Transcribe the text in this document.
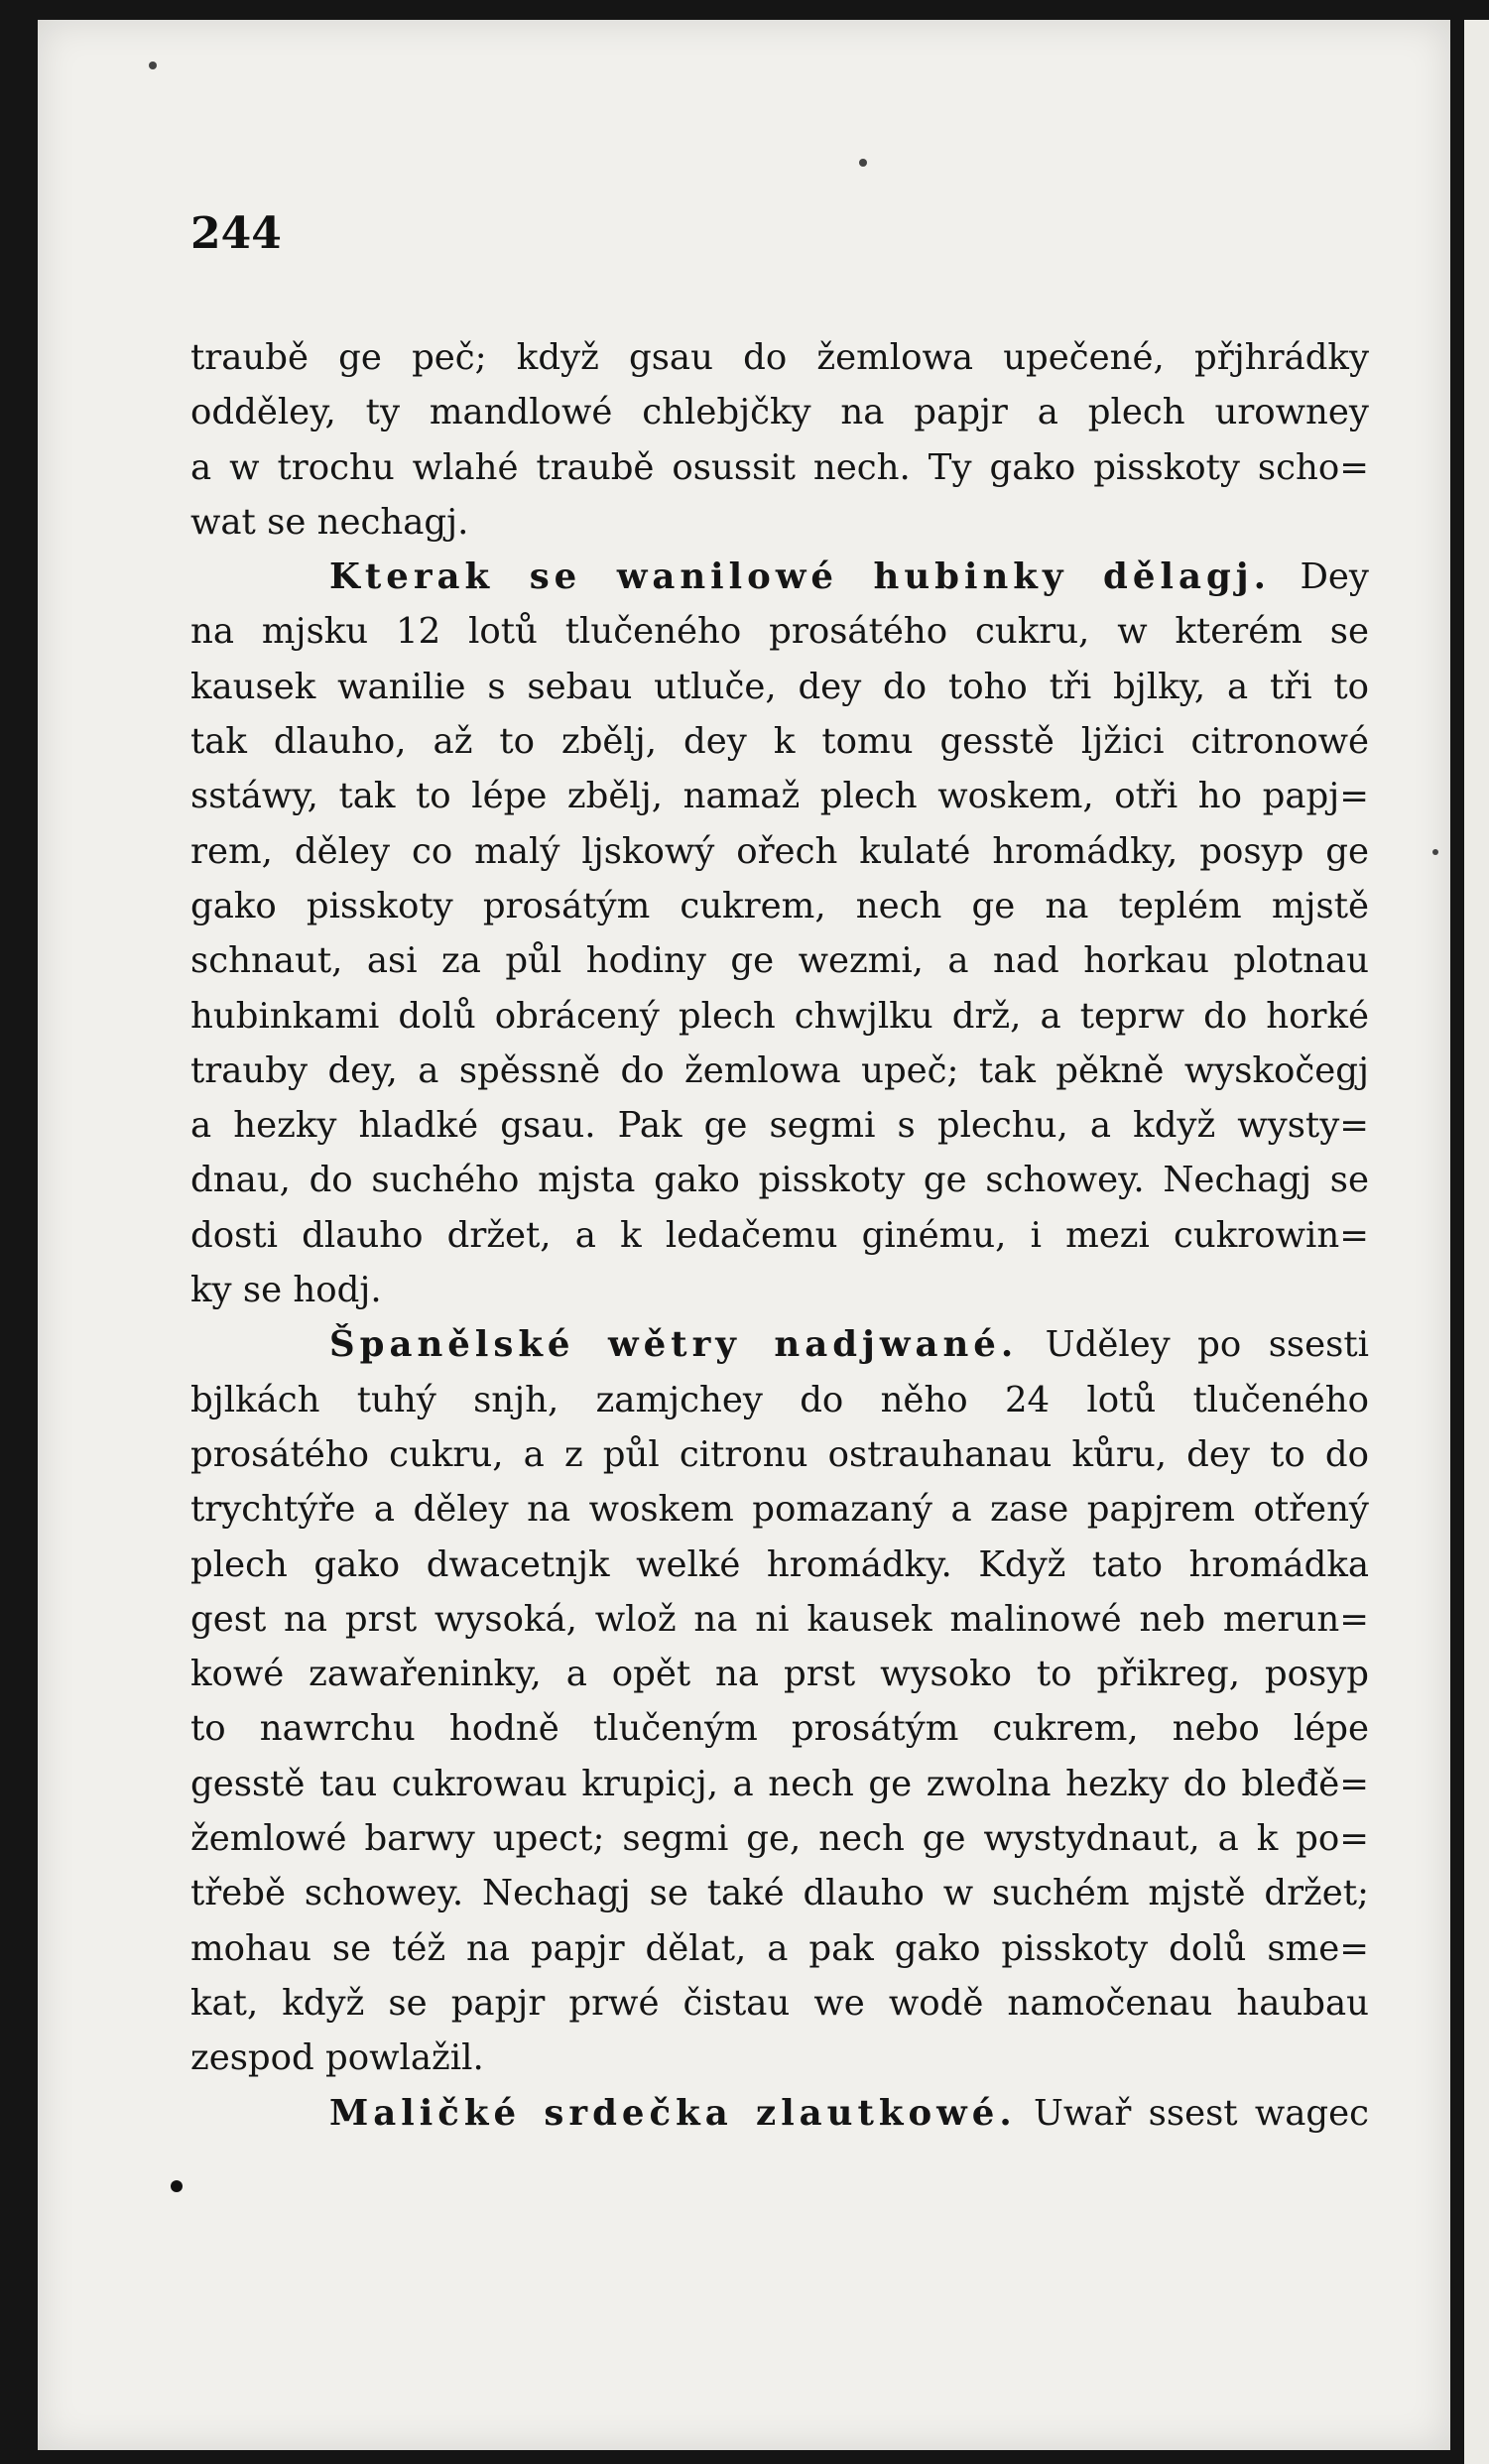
244
traubě ge peč; když gsau do žemlowa upečené, přjhrádky
odděley, ty mandlowé chlebjčky na papjr a plech urowney
a w trochu wlahé traubě osussit nech. Ty gako pisskoty scho=
wat se nechagj.
Kterak se wanilowé hubinky dělagj. Dey
na mjsku 12 lotů tlučeného prosátého cukru, w kterém se
kausek wanilie s sebau utluče, dey do toho tři bjlky, a tři to
tak dlauho, až to zbělj, dey k tomu gesstě ljžici citronowé
sstáwy, tak to lépe zbělj, namaž plech woskem, otři ho papj=
rem, děley co malý ljskowý ořech kulaté hromádky, posyp ge
gako pisskoty prosátým cukrem, nech ge na teplém mjstě
schnaut, asi za půl hodiny ge wezmi, a nad horkau plotnau
hubinkami dolů obrácený plech chwjlku drž, a teprw do horké
trauby dey, a spěssně do žemlowa upeč; tak pěkně wyskočegj
a hezky hladké gsau. Pak ge segmi s plechu, a když wysty=
dnau, do suchého mjsta gako pisskoty ge schowey. Nechagj se
dosti dlauho držet, a k ledačemu ginému, i mezi cukrowin=
ky se hodj.
Španělské wětry nadjwané. Uděley po ssesti
bjlkách tuhý snjh, zamjchey do něho 24 lotů tlučeného
prosátého cukru, a z půl citronu ostrauhanau kůru, dey to do
trychtýře a děley na woskem pomazaný a zase papjrem otřený
plech gako dwacetnjk welké hromádky. Když tato hromádka
gest na prst wysoká, wlož na ni kausek malinowé neb merun=
kowé zawařeninky, a opět na prst wysoko to přikreg, posyp
to nawrchu hodně tlučeným prosátým cukrem, nebo lépe
gesstě tau cukrowau krupicj, a nech ge zwolna hezky do bleđě=
žemlowé barwy upect; segmi ge, nech ge wystydnaut, a k po=
třebě schowey. Nechagj se také dlauho w suchém mjstě držet;
mohau se též na papjr dělat, a pak gako pisskoty dolů sme=
kat, když se papjr prwé čistau we wodě namočenau haubau
zespod powlažil.
Maličké srdečka zlautkowé. Uwař ssest wagec
